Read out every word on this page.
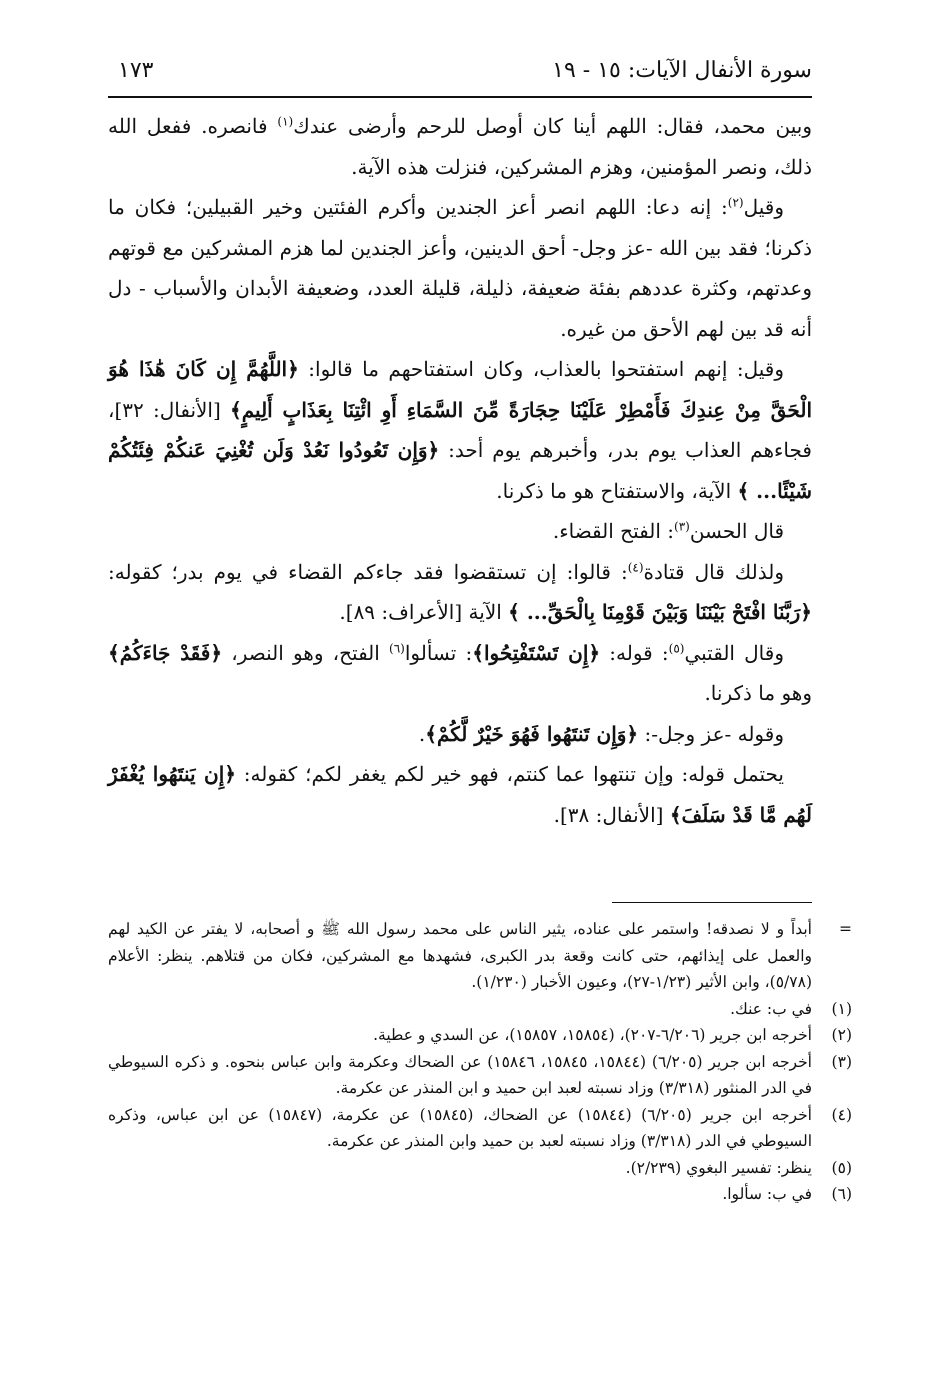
سورة الأنفال الآيات: ١٥ - ١٩
١٧٣

وبين محمد، فقال: اللهم أينا كان أوصل للرحم وأرضى عندك$^{(١)}$ فانصره. ففعل الله ذلك، ونصر المؤمنين، وهزم المشركين، فنزلت هذه الآية.

وقيل$^{(٢)}$: إنه دعا: اللهم انصر أعز الجندين وأكرم الفئتين وخير القبيلين؛ فكان ما ذكرنا؛ فقد بين الله -عز وجل- أحق الدينين، وأعز الجندين لما هزم المشركين مع قوتهم وعدتهم، وكثرة عددهم بفئة ضعيفة، ذليلة، قليلة العدد، وضعيفة الأبدان والأسباب - دل أنه قد بين لهم الأحق من غيره.

وقيل: إنهم استفتحوا بالعذاب، وكان استفتاحهم ما قالوا: ﴿اللَّهُمَّ إِن كَانَ هَٰذَا هُوَ الْحَقَّ مِنْ عِندِكَ فَأَمْطِرْ عَلَيْنَا حِجَارَةً مِّنَ السَّمَاءِ أَوِ ائْتِنَا بِعَذَابٍ أَلِيمٍ﴾ [الأنفال: ٣٢]، فجاءهم العذاب يوم بدر، وأخبرهم يوم أحد: ﴿وَإِن تَعُودُوا نَعُدْ وَلَن تُغْنِيَ عَنكُمْ فِئَتُكُمْ شَيْئًا... ﴾ الآية، والاستفتاح هو ما ذكرنا.

قال الحسن$^{(٣)}$: الفتح القضاء.

ولذلك قال قتادة$^{(٤)}$: قالوا: إن تستقضوا فقد جاءكم القضاء في يوم بدر؛ كقوله: ﴿رَبَّنَا افْتَحْ بَيْنَنَا وَبَيْنَ قَوْمِنَا بِالْحَقِّ... ﴾ الآية [الأعراف: ٨٩].

وقال القتبي$^{(٥)}$: قوله: ﴿إِن تَسْتَفْتِحُوا﴾: تسألوا$^{(٦)}$ الفتح، وهو النصر، ﴿فَقَدْ جَاءَكُمُ﴾ وهو ما ذكرنا.

وقوله -عز وجل-: ﴿وَإِن تَنتَهُوا فَهُوَ خَيْرٌ لَّكُمْ﴾.

يحتمل قوله: وإن تنتهوا عما كنتم، فهو خير لكم يغفر لكم؛ كقوله: ﴿إِن يَنتَهُوا يُغْفَرْ لَهُم مَّا قَدْ سَلَفَ﴾ [الأنفال: ٣٨].

=
أبداً و لا نصدقه! واستمر على عناده، يثير الناس على محمد رسول الله ﷺ و أصحابه، لا يفتر عن الكيد لهم والعمل على إيذائهم، حتى كانت وقعة بدر الكبرى، فشهدها مع المشركين، فكان من قتلاهم. ينظر: الأعلام (٥/٧٨)، وابن الأثير (١/٢٣-٢٧)، وعيون الأخبار (١/٢٣٠).
(١)
في ب: عنك.
(٢)
أخرجه ابن جرير (٦/٢٠٦-٢٠٧)، (١٥٨٥٤، ١٥٨٥٧)، عن السدي و عطية.
(٣)
أخرجه ابن جرير (٦/٢٠٥) (١٥٨٤٤، ١٥٨٤٥، ١٥٨٤٦) عن الضحاك وعكرمة وابن عباس بنحوه. و ذكره السيوطي في الدر المنثور (٣/٣١٨) وزاد نسبته لعبد ابن حميد و ابن المنذر عن عكرمة.
(٤)
أخرجه ابن جرير (٦/٢٠٥) (١٥٨٤٤) عن الضحاك، (١٥٨٤٥) عن عكرمة، (١٥٨٤٧) عن ابن عباس، وذكره السيوطي في الدر (٣/٣١٨) وزاد نسبته لعبد بن حميد وابن المنذر عن عكرمة.
(٥)
ينظر: تفسير البغوي (٢/٢٣٩).
(٦)
في ب: سألوا.
